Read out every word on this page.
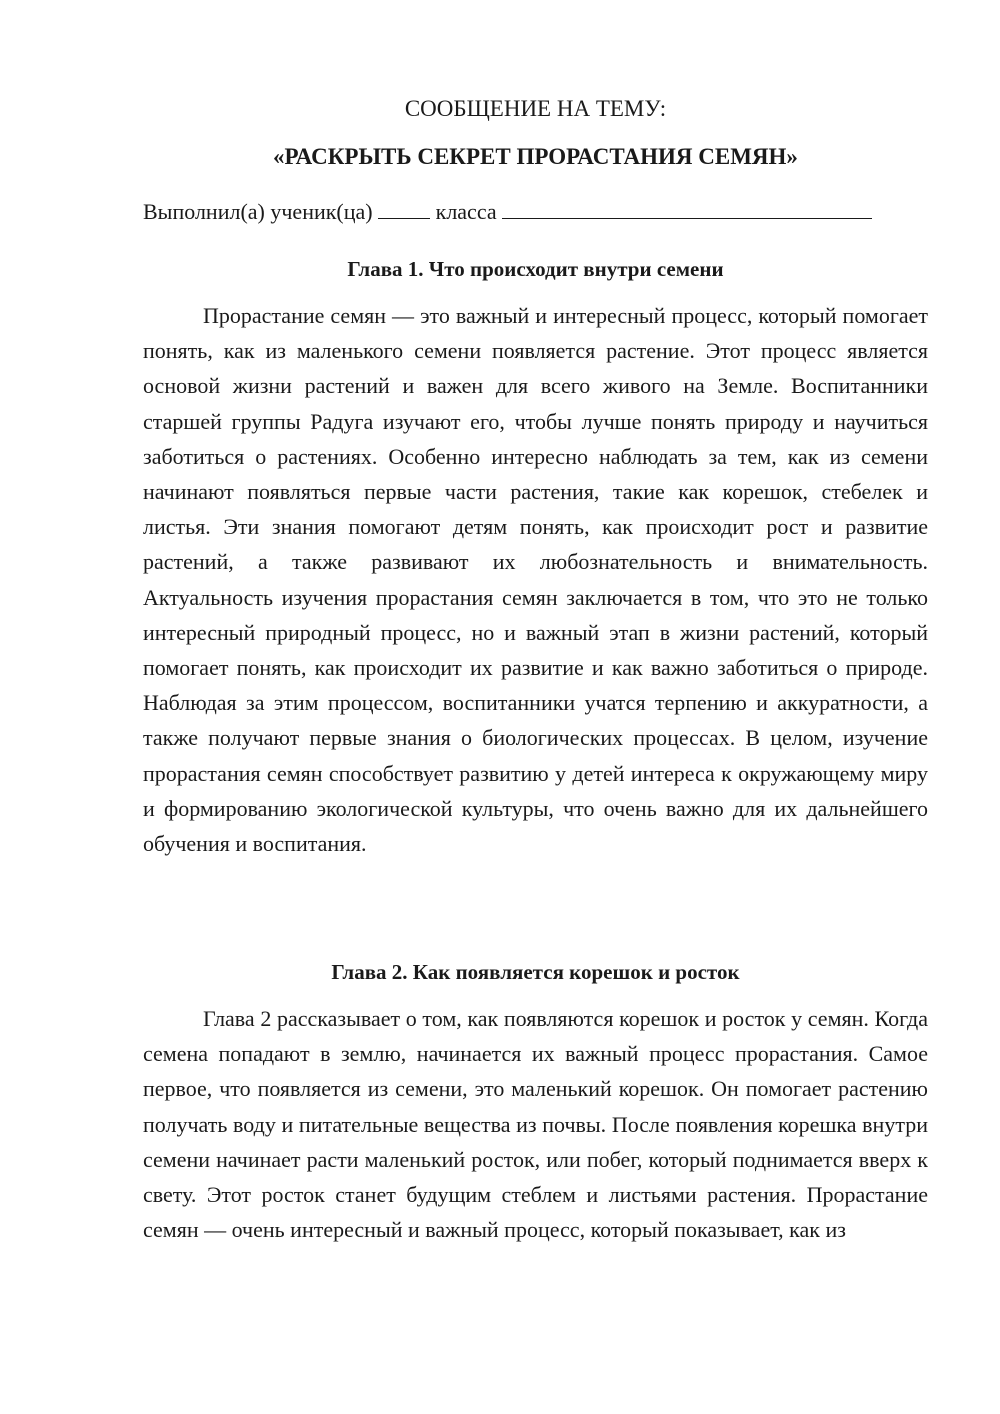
СООБЩЕНИЕ НА ТЕМУ:
«РАСКРЫТЬ СЕКРЕТ ПРОРАСТАНИЯ СЕМЯН»
Выполнил(а) ученик(ца)	класса
Глава 1. Что происходит внутри семени

Прорастание семян — это важный и интересный процесс, который помогает понять, как из маленького семени появляется растение. Этот процесс является основой жизни растений и важен для всего живого на Земле. Воспитанники старшей группы Радуга изучают его, чтобы лучше понять природу и научиться заботиться о растениях. Особенно интересно наблюдать за тем, как из семени начинают появляться первые части растения, такие как корешок, стебелек и листья. Эти знания помогают детям понять, как происходит рост и развитие растений, а также развивают их любознательность и внимательность. Актуальность изучения прорастания семян заключается в том, что это не только интересный природный процесс, но и важный этап в жизни растений, который помогает понять, как происходит их развитие и как важно заботиться о природе. Наблюдая за этим процессом, воспитанники учатся терпению и аккуратности, а также получают первые знания о биологических процессах. В целом, изучение прорастания семян способствует развитию у детей интереса к окружающему миру и формированию экологической культуры, что очень важно для их дальнейшего обучения и воспитания.

Глава 2. Как появляется корешок и росток

Глава 2 рассказывает о том, как появляются корешок и росток у семян. Когда семена попадают в землю, начинается их важный процесс прорастания. Самое первое, что появляется из семени, это маленький корешок. Он помогает растению получать воду и питательные вещества из почвы. После появления корешка внутри семени начинает расти маленький росток, или побег, который поднимается вверх к свету. Этот росток станет будущим стеблем и листьями растения. Прорастание семян — очень интересный и важный процесс, который показывает, как из
